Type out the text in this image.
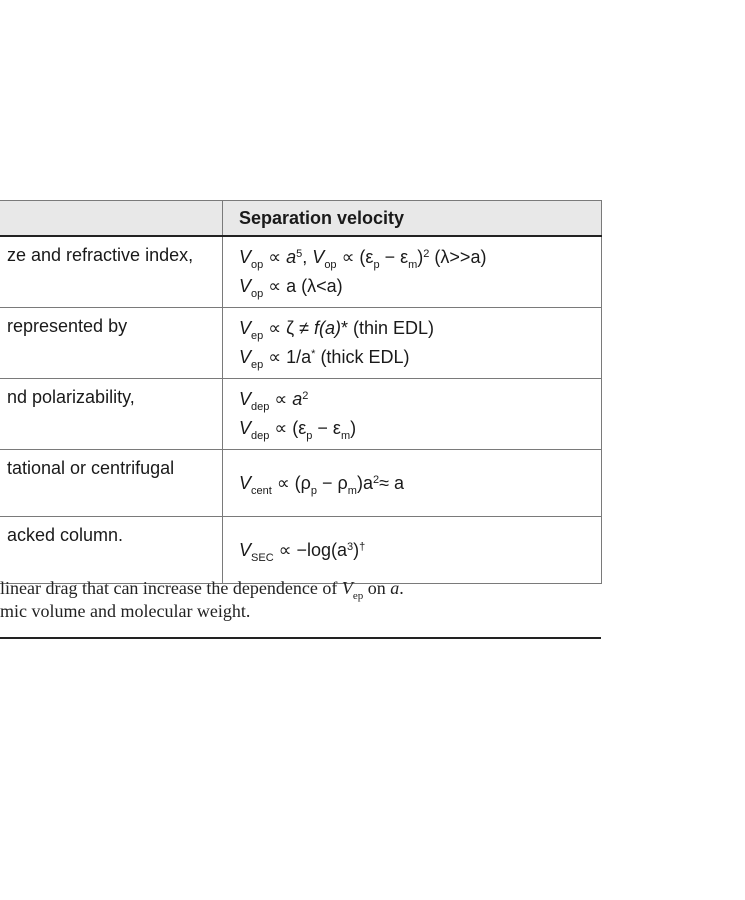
	Separation velocity
ze and refractive index,	$V_{op} \propto a^5$, $V_{op} \propto (\varepsilon_p - \varepsilon_m)^2$ (λ>>a)
$V_{op} \propto a$ (λ<a)

represented by	$V_{ep} \propto \zeta \ne f(a)*$ (thin EDL)
$V_{ep} \propto 1/a^*$ (thick EDL)

nd polarizability,	$V_{dep} \propto a^2$
$V_{dep} \propto (\varepsilon_p - \varepsilon_m)$

tational or centrifugal	$V_{cent} \propto (\rho_p - \rho_m)a^2\approx a$

acked column.	$V_{SEC} \propto -\log(a^3)^\dagger$
linear drag that can increase the dependence of $V_{ep}$ on a.
mic volume and molecular weight.
